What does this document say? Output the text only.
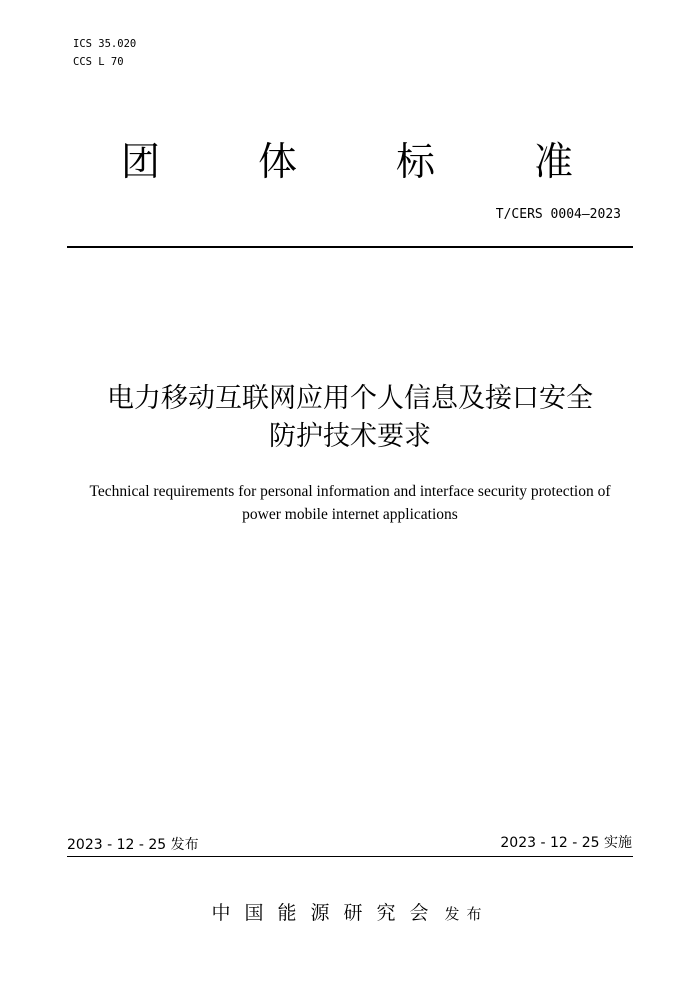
ICS 35.020
CCS L 70
团	体	标	准
T/CERS 0004—2023
电力移动互联网应用个人信息及接口安全
防护技术要求
Technical requirements for personal information and interface security protection of
power mobile internet applications
2023 - 12 - 25 发布	2023 - 12 - 25 实施
中国能源研究会 发布
